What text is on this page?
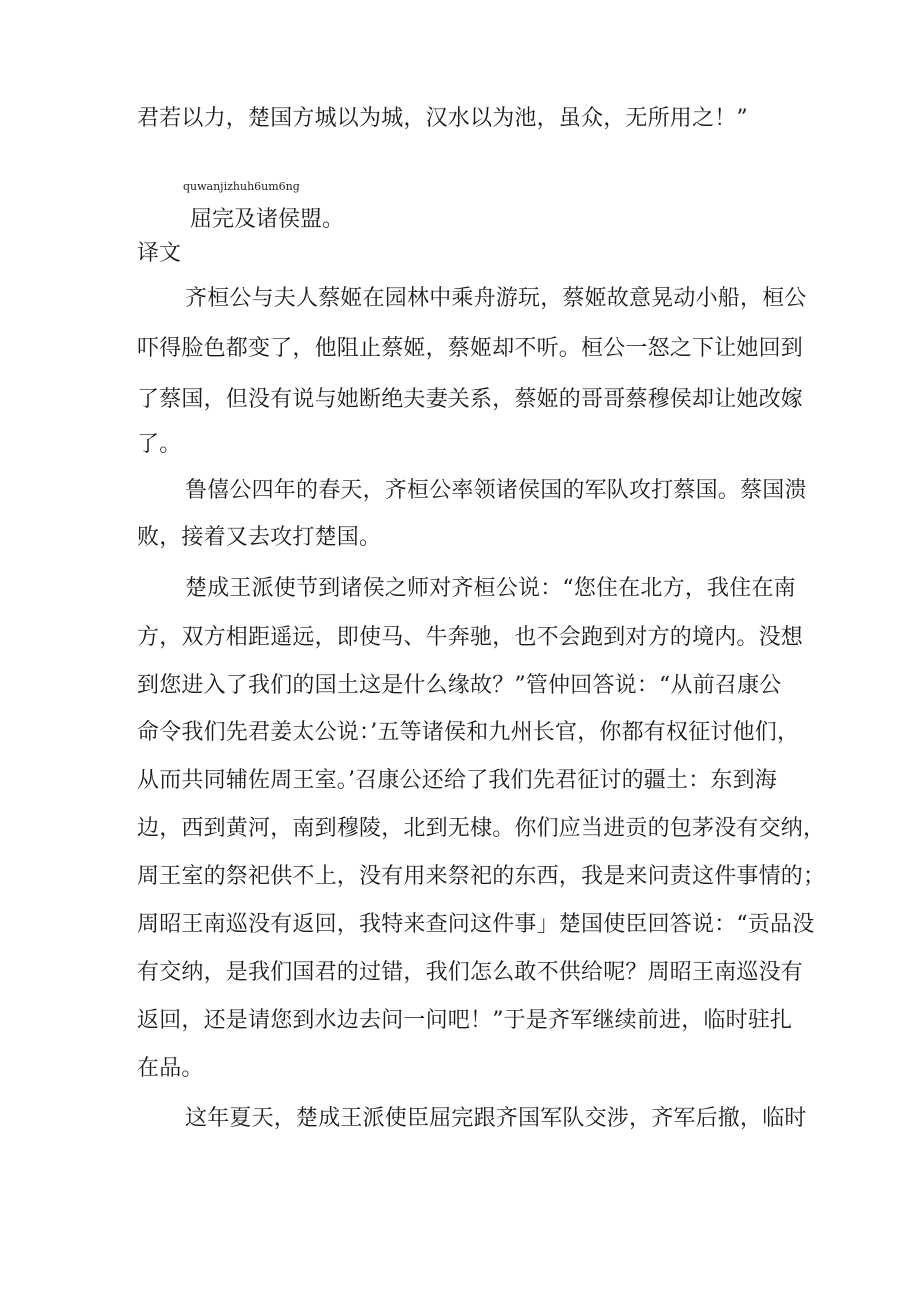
君若以力，楚国方城以为城，汉水以为池，虽众，无所用之！”
quwanjizhuh6um6ng
屈完及诸侯盟。
译文
齐桓公与夫人蔡姬在园林中乘舟游玩，蔡姬故意晃动小船，桓公
吓得脸色都变了，他阻止蔡姬，蔡姬却不听。桓公一怒之下让她回到
了蔡国，但没有说与她断绝夫妻关系，蔡姬的哥哥蔡穆侯却让她改嫁
了。
鲁僖公四年的春天，齐桓公率领诸侯国的军队攻打蔡国。蔡国溃
败，接着又去攻打楚国。
楚成王派使节到诸侯之师对齐桓公说：“您住在北方，我住在南
方，双方相距遥远，即使马、牛奔驰，也不会跑到对方的境内。没想
到您进入了我们的国土这是什么缘故？”管仲回答说：“从前召康公
命令我们先君姜太公说：’五等诸侯和九州长官，你都有权征讨他们，
从而共同辅佐周王室。’召康公还给了我们先君征讨的疆土：东到海
边，西到黄河，南到穆陵，北到无棣。你们应当进贡的包茅没有交纳，
周王室的祭祀供不上，没有用来祭祀的东西，我是来问责这件事情的；
周昭王南巡没有返回，我特来查问这件事」楚国使臣回答说：“贡品没
有交纳，是我们国君的过错，我们怎么敢不供给呢？周昭王南巡没有
返回，还是请您到水边去问一问吧！”于是齐军继续前进，临时驻扎
在品。
这年夏天，楚成王派使臣屈完跟齐国军队交涉，齐军后撤，临时
